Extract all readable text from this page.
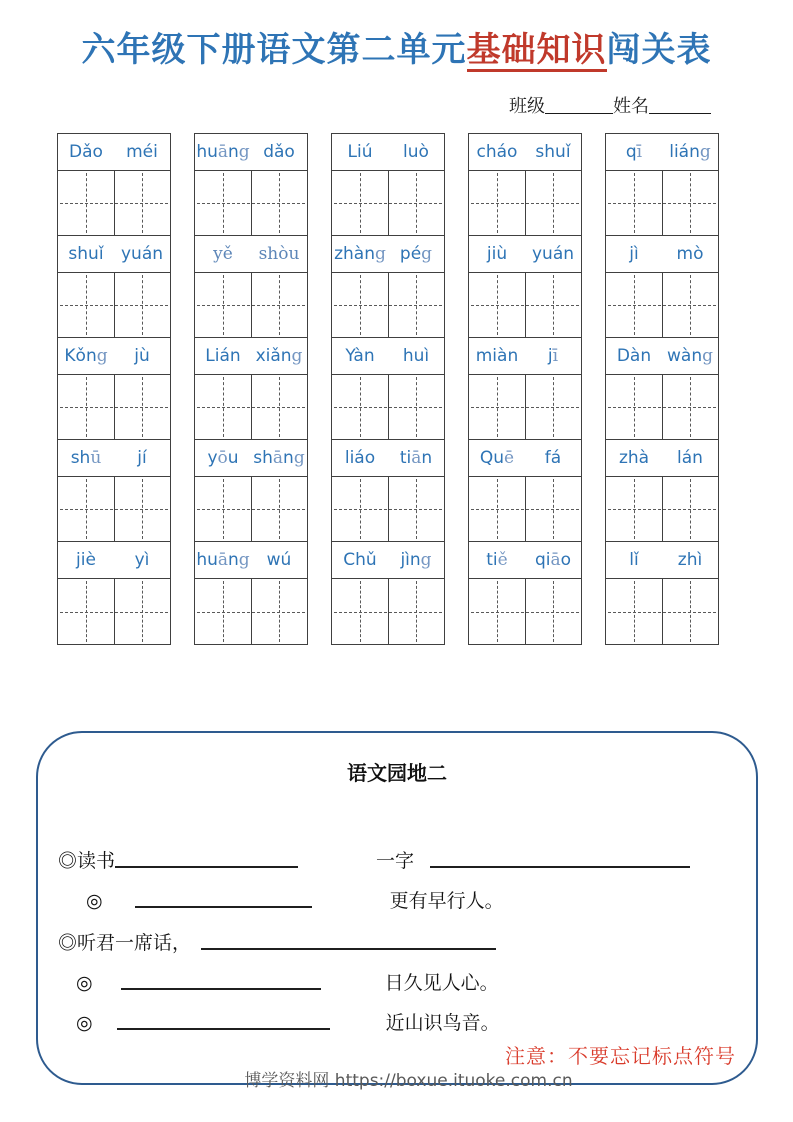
六年级下册语文第二单元基础知识闯关表
班级	姓名
Dǎo	méi
shuǐ	yuán
Kǒng	jù
shū	jí
jiè	yì
huāng dǎo
yě	shòu
Lián xiǎng
yōu shāng
huāng wú
Liú	luò
zhàng pég
Yàn	huì
liáo	tiān
Chǔ	jìng
cháo	shuǐ
jiù	yuán
miàn	jī
Quē	fá
tiě	qiāo
qī	liáng
jì	mò
Dàn wàng
zhà	lán
lǐ	zhì
语文园地二
◎读书	一字
◎	更有早行人。
◎听君一席话，
◎	日久见人心。
◎	近山识鸟音。
注意：不要忘记标点符号
博学资料网 https://boxue.ituoke.com.cn
